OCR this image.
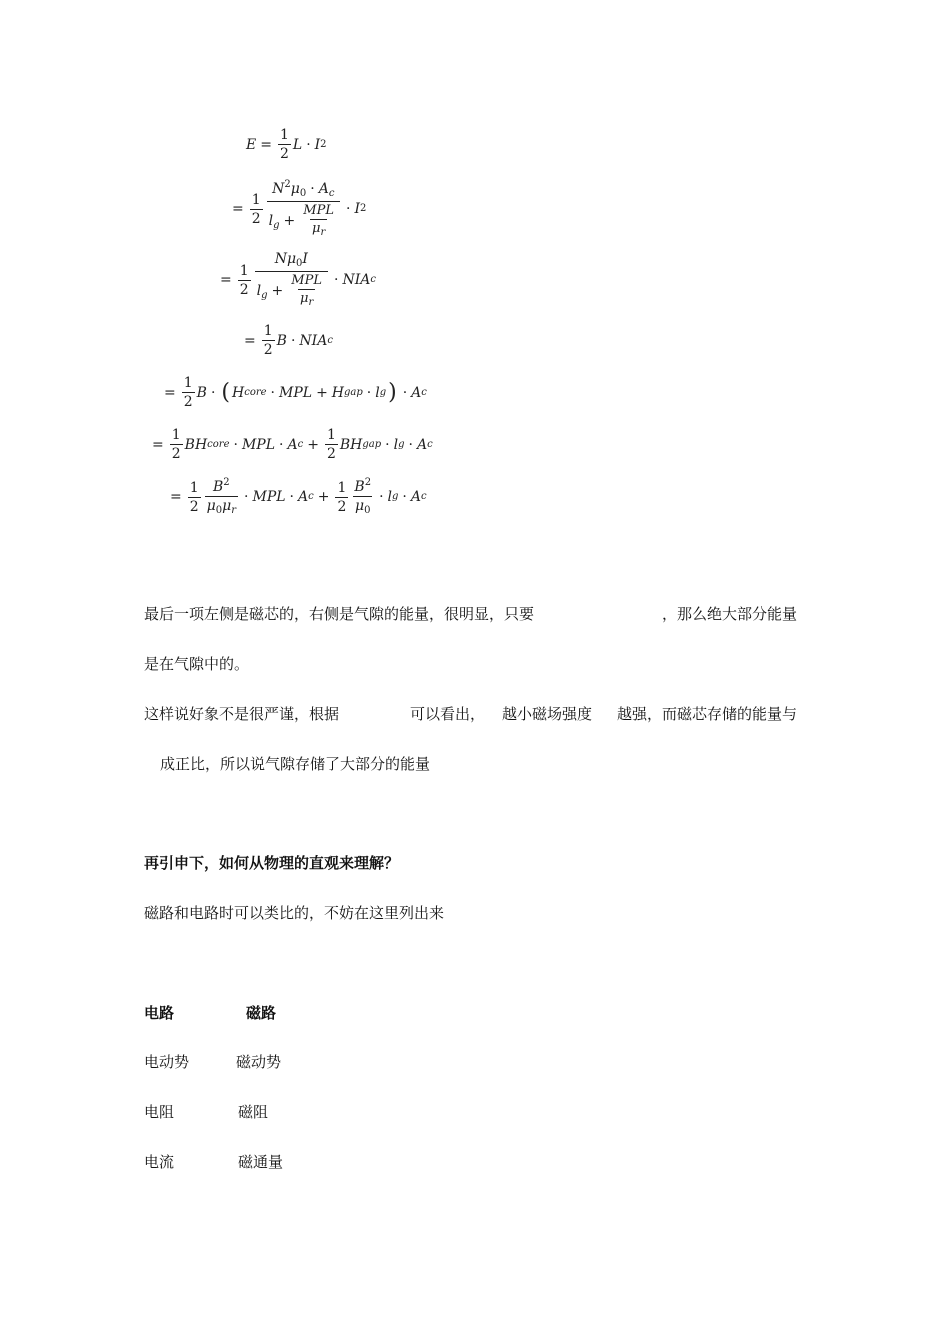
$E = \frac{1}{2}$ L · I 2
= $\frac{1}{2} \frac{N^2\mu_0 \cdot A_c}{l_g + \frac{\text{MPL}}{\mu_r}} \cdot I$ 2
= $\frac{1}{2} \frac{N\mu_0I}{l_g + \frac{\text{MPL}}{\mu_r}}$ · NI A c
= $\frac{1}{2}$ B · NI A c
= $\frac{1}{2}$ B · ( H core · MPL + H gap · l g ) · A c
= $\frac{1}{2}$ B H core · MPL · A $c + \frac{1}{2}$ B H gap · l g · A c
= $\frac{1}{2} \frac{B^2}{\mu_0\mu_r}$ · MPL · A $c + \frac{1}{2} \frac{B^2}{\mu_0} \cdot l$ g · A c
最后一项左侧是磁芯的，右侧是气隙的能量，很明显，只要	，那么绝大部分能量
是在气隙中的。
这样说好象不是很严谨，根据	可以看出， 越小磁场强度 越强，而磁芯存储的能量与
成正比，所以说气隙存储了大部分的能量
再引申下，如何从物理的直观来理解？
磁路和电路时可以类比的，不妨在这里列出来
电路	磁路
电动势	磁动势
电阻	磁阻
电流	磁通量
